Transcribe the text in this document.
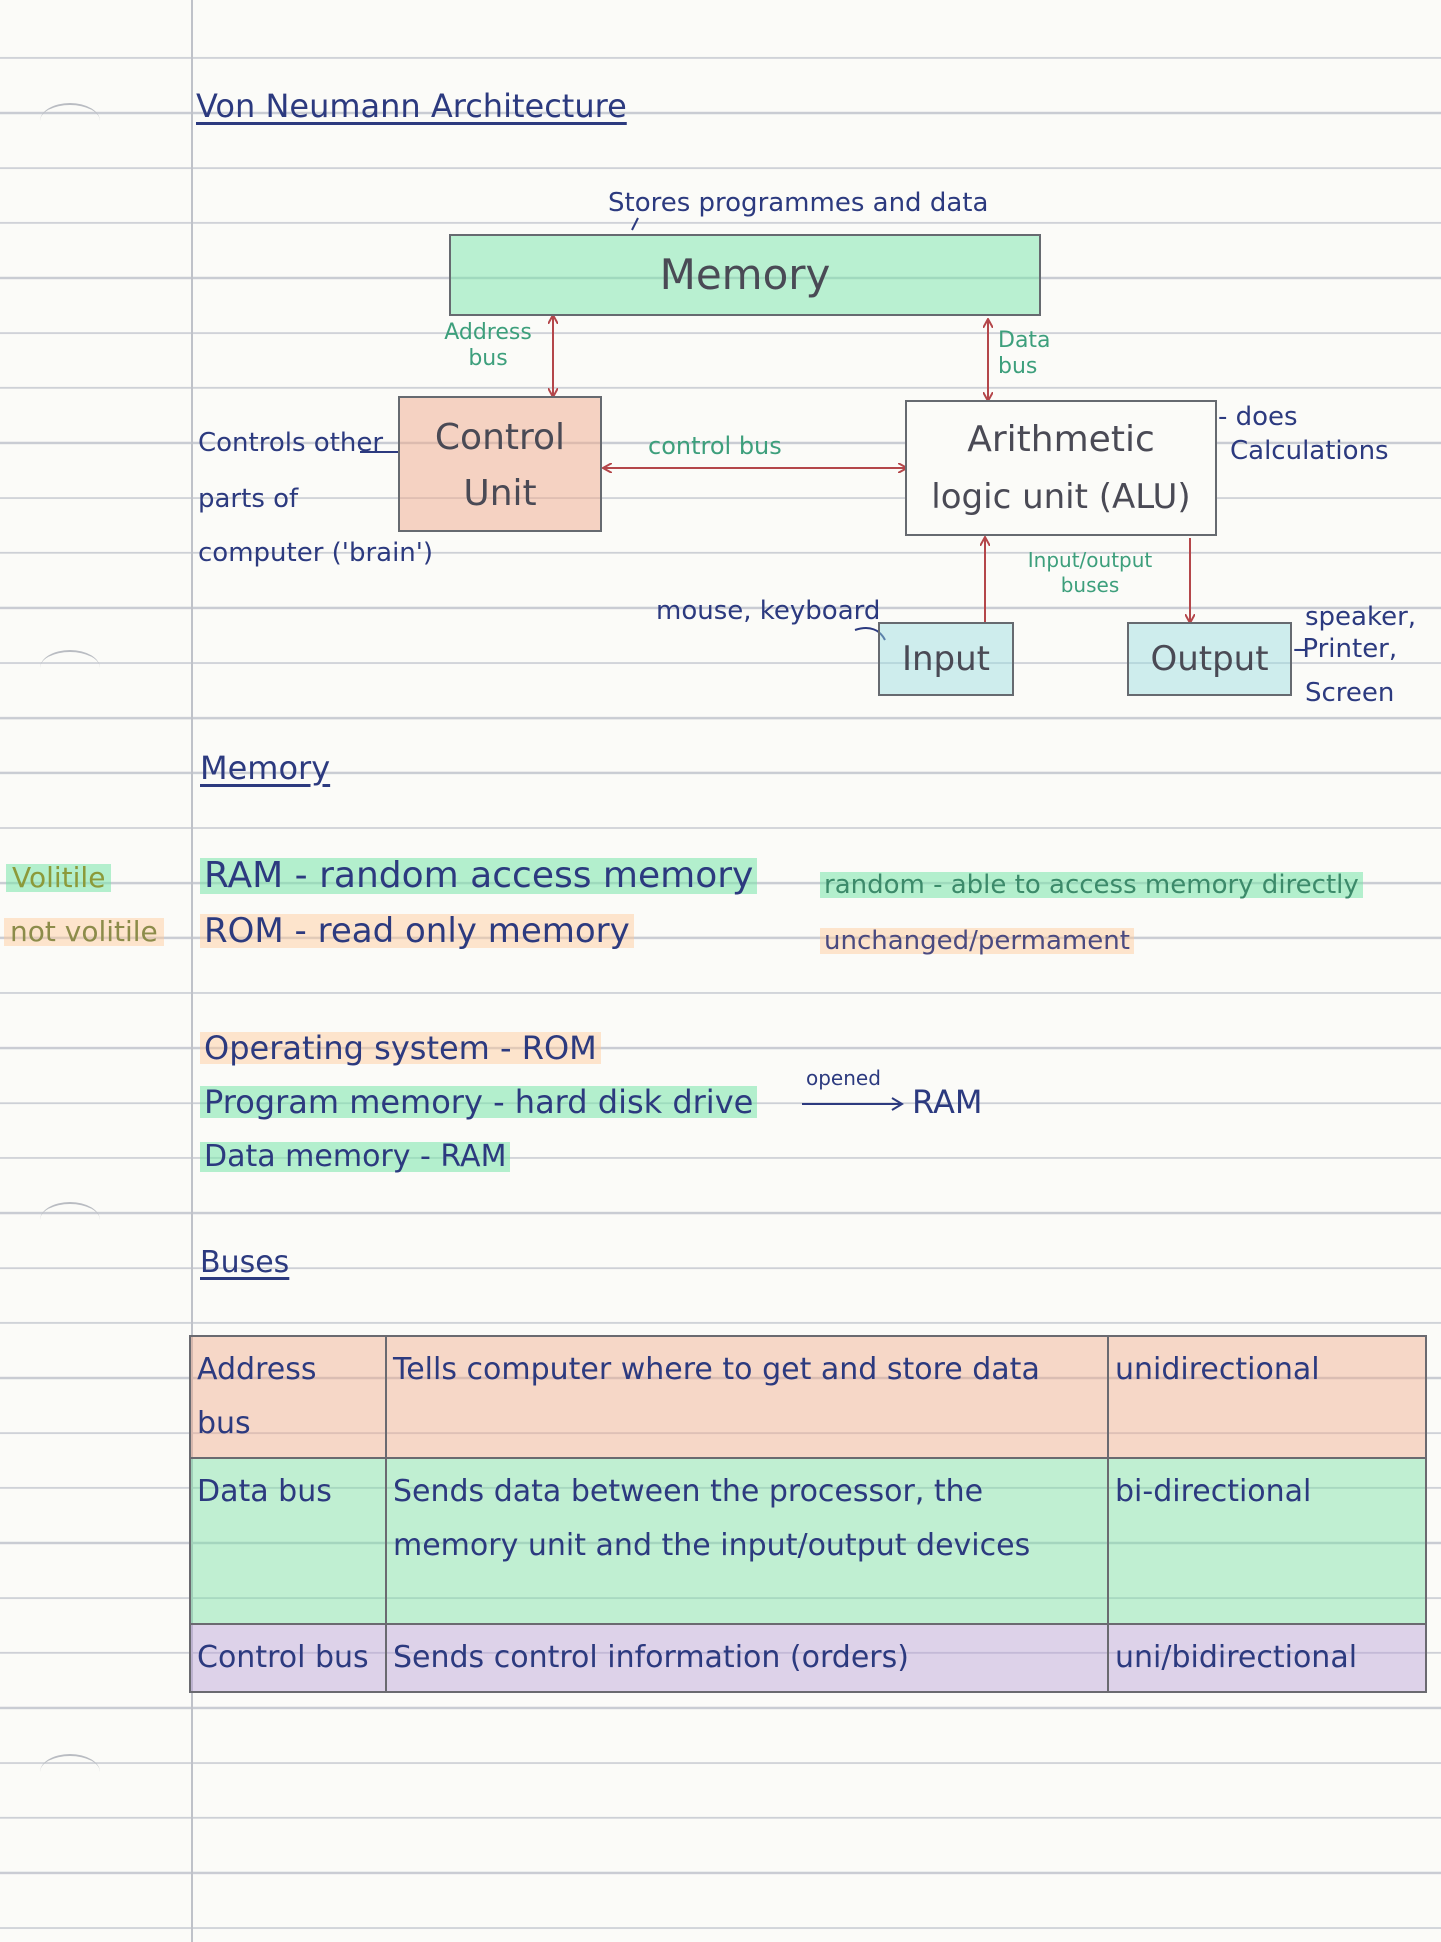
Von Neumann Architecture
Stores programmes and data
Memory
Address bus
Data bus
Controls other
parts of
computer ('brain')
Control
Unit
control bus	Arithmetic
logic unit (ALU)
- does
Calculations
Input/output
buses
mouse, keyboard
Input	Output
speaker,
-Printer,
Screen
Memory
Volitile
not volitile
RAM - random access memory
ROM - read only memory
random - able to access memory directly
unchanged/permament
Operating system - ROM
Program memory - hard disk drive
opened
RAM
Data memory - RAM
Buses
Address bus	Tells computer where to get and store data	unidirectional
Data bus	Sends data between the processor, the memory unit and the input/output devices	bi-directional
Control bus	Sends control information (orders)	uni/bidirectional
